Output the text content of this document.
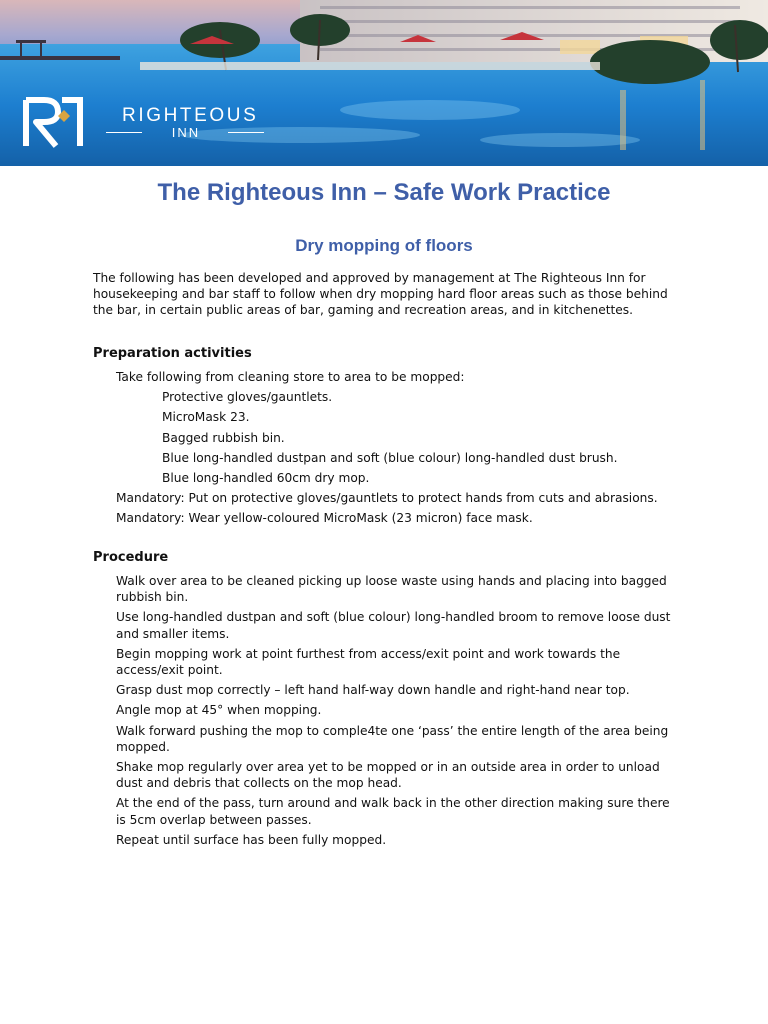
RIGHTEOUS
INN
The Righteous Inn – Safe Work Practice
Dry mopping of floors
The following has been developed and approved by management at The Righteous Inn for housekeeping and bar staff to follow when dry mopping hard floor areas such as those behind the bar, in certain public areas of bar, gaming and recreation areas, and in kitchenettes.
Preparation activities
Take following from cleaning store to area to be mopped:
Protective gloves/gauntlets.
MicroMask 23.
Bagged rubbish bin.
Blue long-handled dustpan and soft (blue colour) long-handled dust brush.
Blue long-handled 60cm dry mop.
Mandatory: Put on protective gloves/gauntlets to protect hands from cuts and abrasions.
Mandatory: Wear yellow-coloured MicroMask (23 micron) face mask.
Procedure
Walk over area to be cleaned picking up loose waste using hands and placing into bagged rubbish bin.
Use long-handled dustpan and soft (blue colour) long-handled broom to remove loose dust and smaller items.
Begin mopping work at point furthest from access/exit point and work towards the access/exit point.
Grasp dust mop correctly – left hand half-way down handle and right-hand near top.
Angle mop at 45° when mopping.
Walk forward pushing the mop to comple4te one ‘pass’ the entire length of the area being mopped.
Shake mop regularly over area yet to be mopped or in an outside area in order to unload dust and debris that collects on the mop head.
At the end of the pass, turn around and walk back in the other direction making sure there is 5cm overlap between passes.
Repeat until surface has been fully mopped.
